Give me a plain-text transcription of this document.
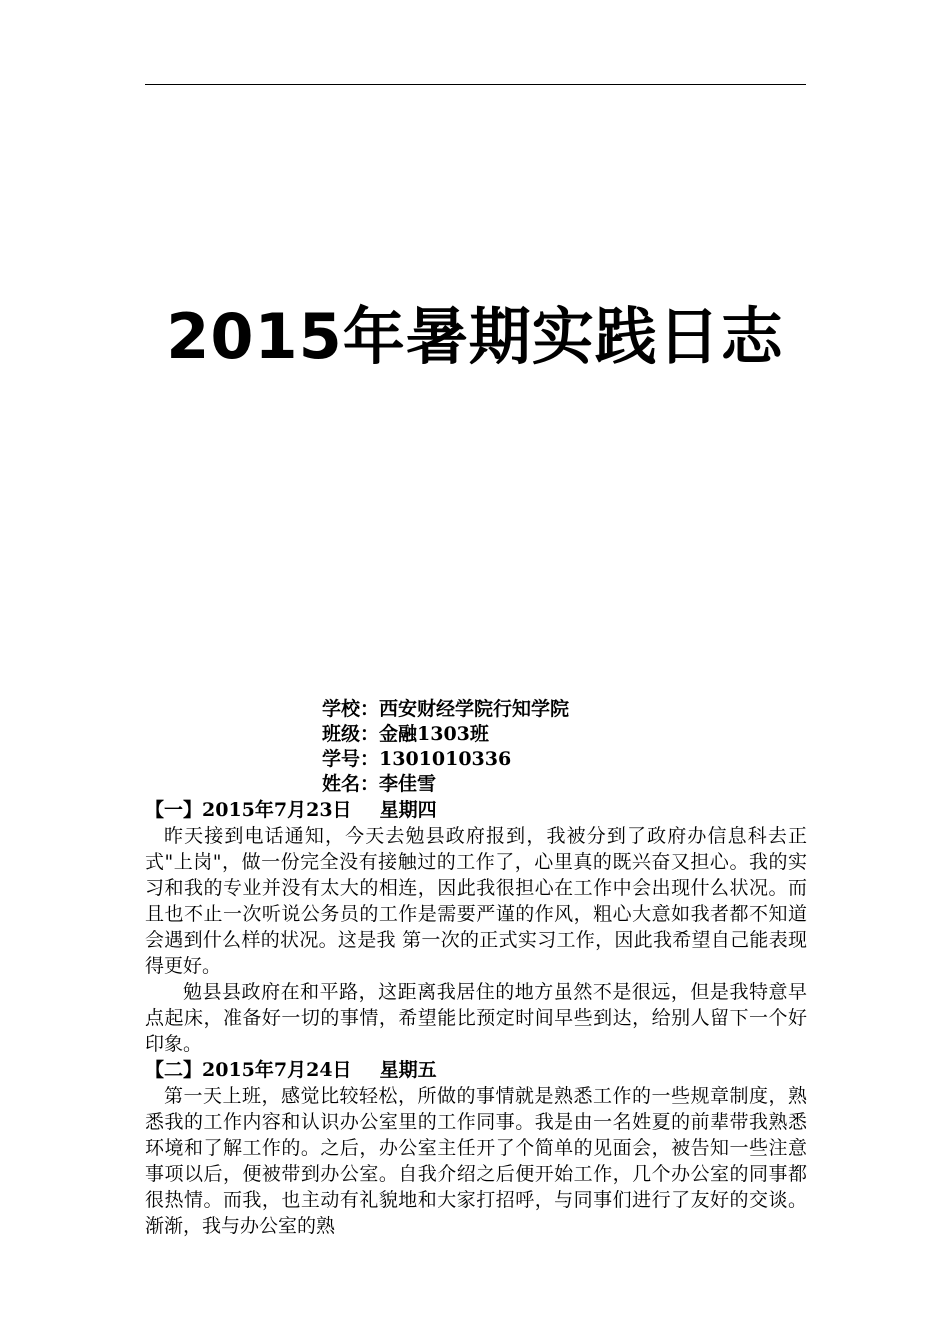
2015年暑期实践日志
学校：西安财经学院行知学院
班级：金融1303班
学号：1301010336
姓名：李佳雪
【一】2015年7月23日 星期四

昨天接到电话通知，今天去勉县政府报到，我被分到了政府办信息科去正式"上岗"，做一份完全没有接触过的工作了，心里真的既兴奋又担心。我的实习和我的专业并没有太大的相连，因此我很担心在工作中会出现什么状况。而且也不止一次听说公务员的工作是需要严谨的作风，粗心大意如我者都不知道会遇到什么样的状况。这是我 第一次的正式实习工作，因此我希望自己能表现得更好。

勉县县政府在和平路，这距离我居住的地方虽然不是很远，但是我特意早点起床，准备好一切的事情，希望能比预定时间早些到达，给别人留下一个好印象。

【二】2015年7月24日 星期五

第一天上班，感觉比较轻松，所做的事情就是熟悉工作的一些规章制度，熟悉我的工作内容和认识办公室里的工作同事。我是由一名姓夏的前辈带我熟悉环境和了解工作的。之后，办公室主任开了个简单的见面会，被告知一些注意事项以后，便被带到办公室。自我介绍之后便开始工作，几个办公室的同事都很热情。而我，也主动有礼貌地和大家打招呼，与同事们进行了友好的交谈。渐渐，我与办公室的熟
